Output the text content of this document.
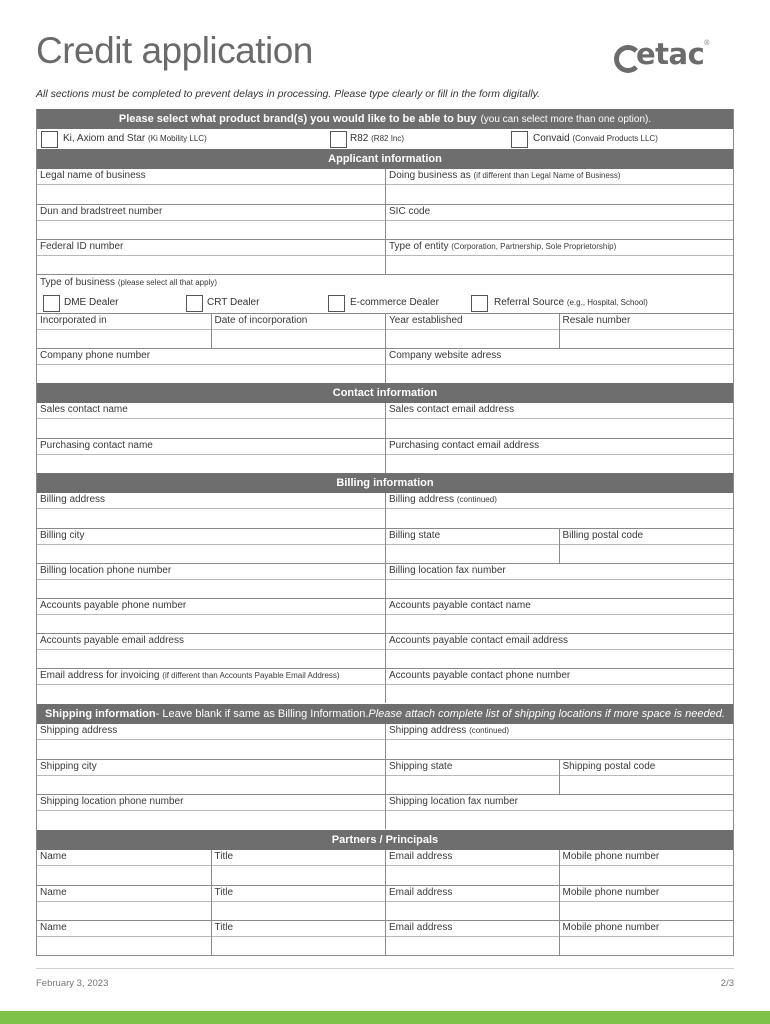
Credit application	etac ®
All sections must be completed to prevent delays in processing. Please type clearly or fill in the form digitally.
Please select what product brand(s) you would like to be able to buy (you can select more than one option).
Ki, Axiom and Star (Ki Mobility LLC)	R82 (R82 Inc)	Convaid (Convaid Products LLC)
Applicant information
Legal name of business	Doing business as (if different than Legal Name of Business)
Dun and bradstreet number	SIC code
Federal ID number	Type of entity (Corporation, Partnership, Sole Proprietorship)
Type of business (please select all that apply)
DME Dealer	CRT Dealer	E-commerce Dealer	Referral Source (e.g., Hospital, School)
Incorporated in	Date of incorporation	Year established	Resale number
Company phone number	Company website adress
Contact information
Sales contact name	Sales contact email address
Purchasing contact name	Purchasing contact email address
Billing information
Billing address	Billing address (continued)
Billing city	Billing state	Billing postal code
Billing location phone number	Billing location fax number
Accounts payable phone number	Accounts payable contact name
Accounts payable email address	Accounts payable contact email address
Email address for invoicing (if different than Accounts Payable Email Address)	Accounts payable contact phone number
Shipping information - Leave blank if same as Billing Information. Please attach complete list of shipping locations if more space is needed.
Shipping address	Shipping address (continued)
Shipping city	Shipping state	Shipping postal code
Shipping location phone number	Shipping location fax number
Partners / Principals
Name	Title	Email address	Mobile phone number
Name	Title	Email address	Mobile phone number
Name	Title	Email address	Mobile phone number
February 3, 2023	2/3
